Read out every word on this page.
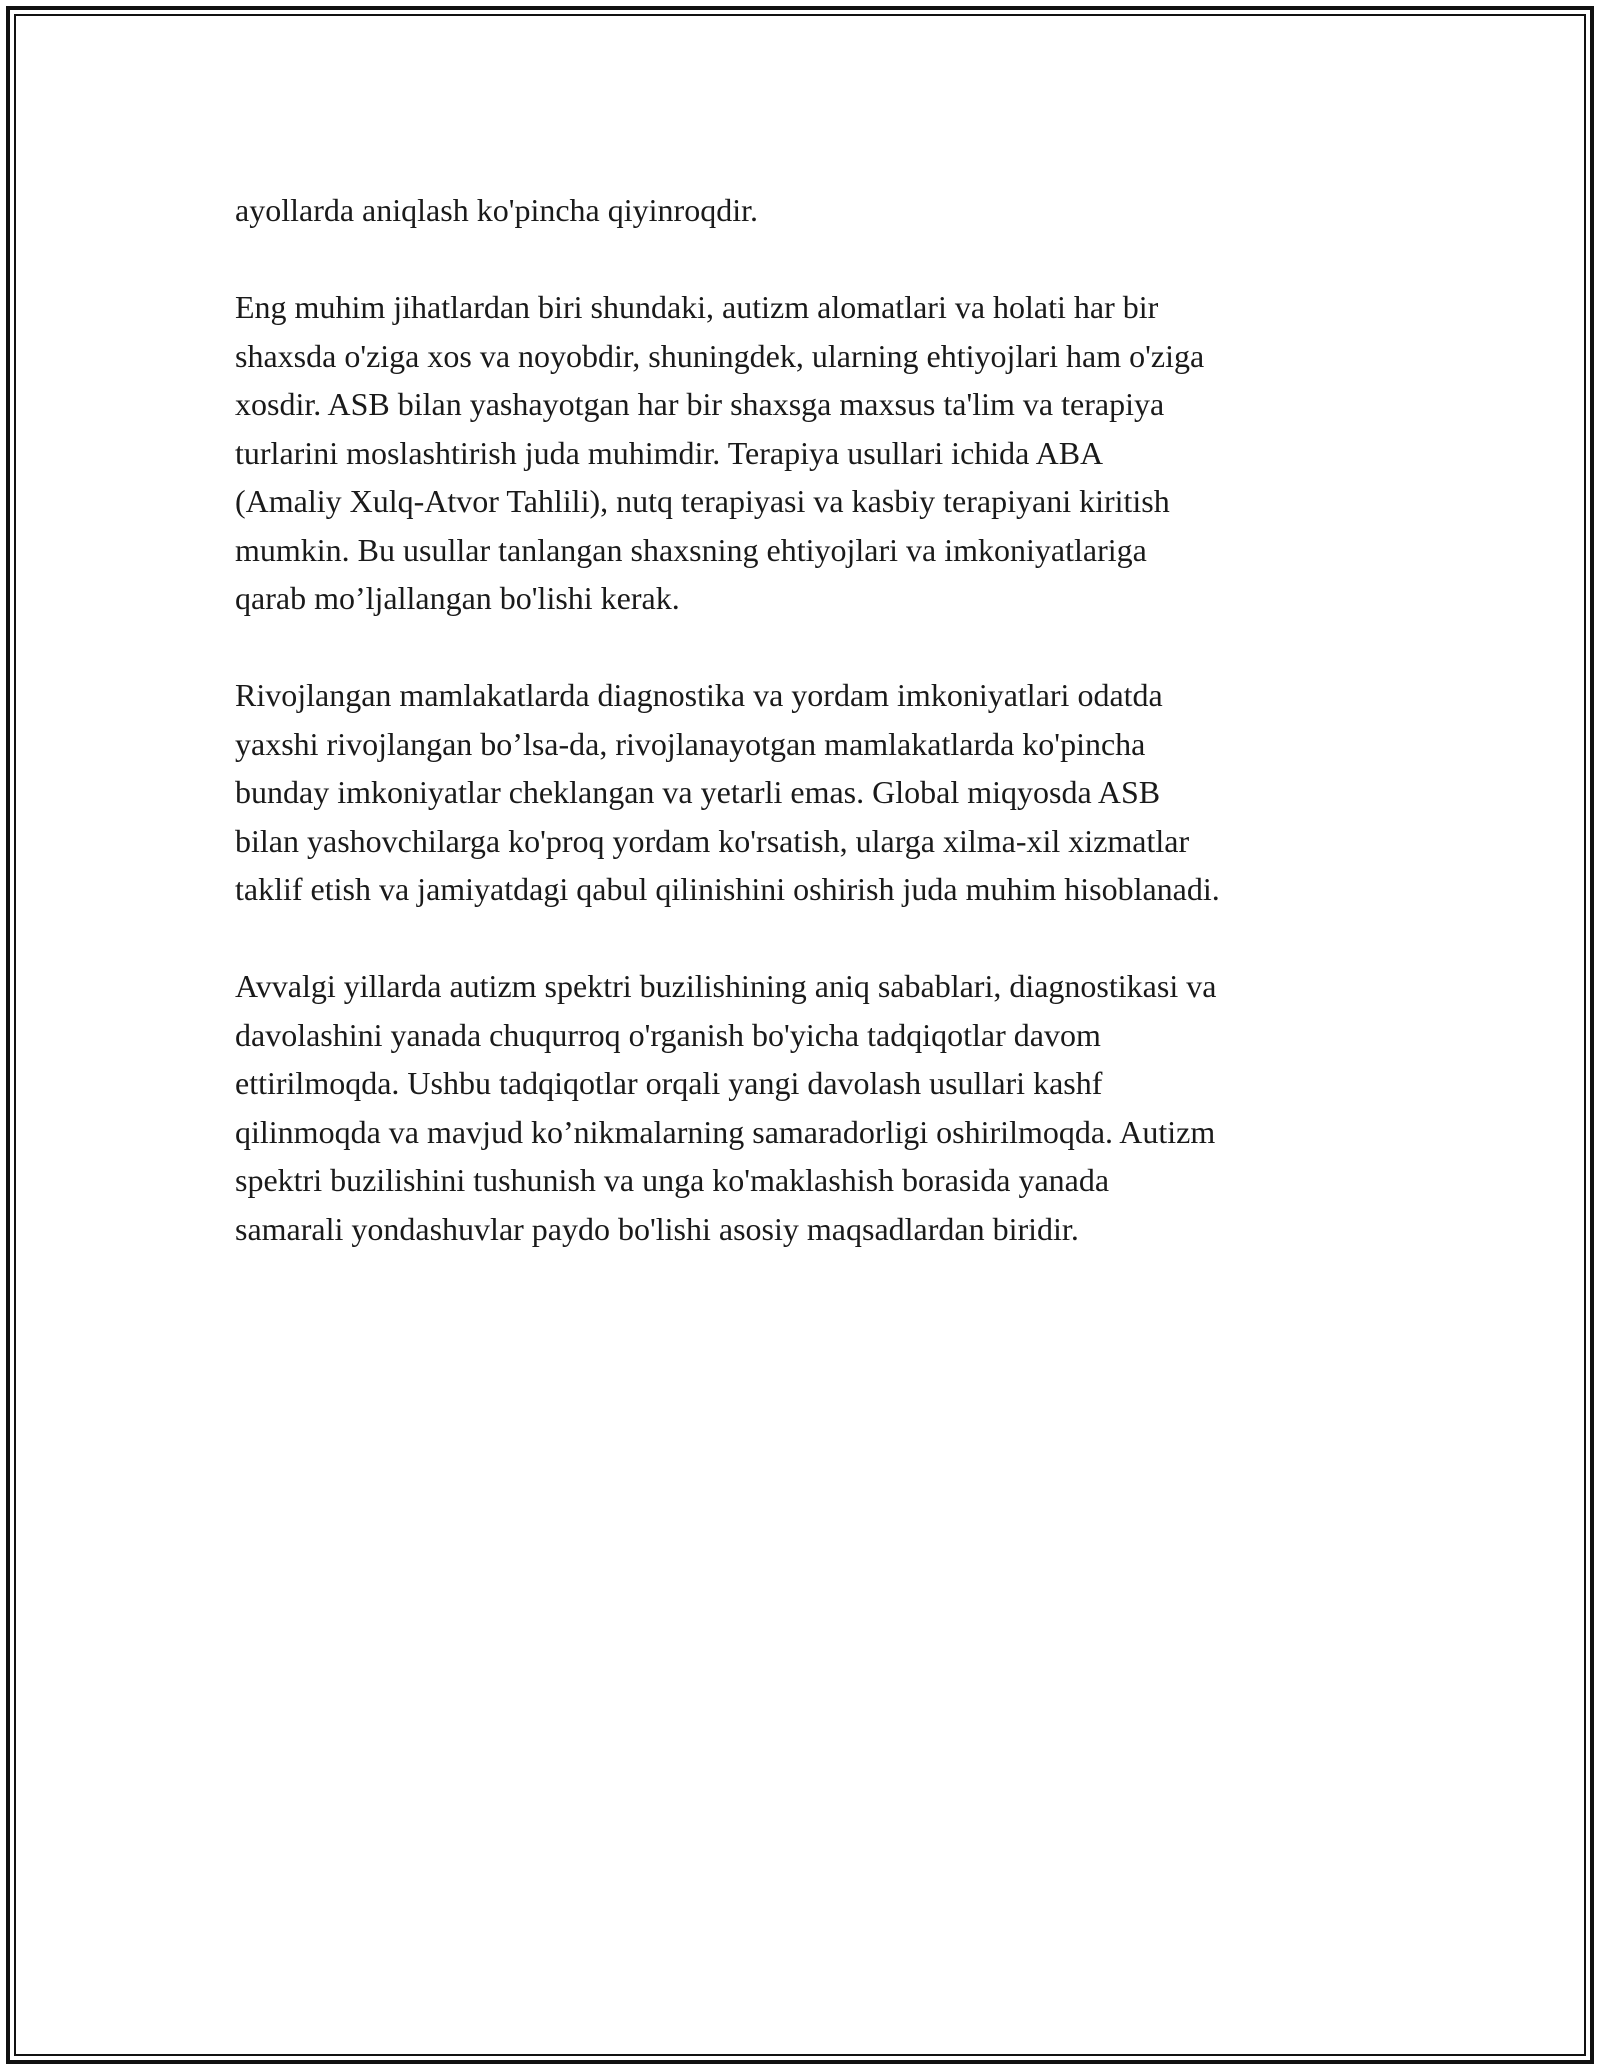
ayollarda aniqlash ko'pincha qiyinroqdir.

Eng muhim jihatlardan biri shundaki, autizm alomatlari va holati har bir
shaxsda o'ziga xos va noyobdir, shuningdek, ularning ehtiyojlari ham o'ziga
xosdir. ASB bilan yashayotgan har bir shaxsga maxsus ta'lim va terapiya
turlarini moslashtirish juda muhimdir. Terapiya usullari ichida ABA
(Amaliy Xulq-Atvor Tahlili), nutq terapiyasi va kasbiy terapiyani kiritish
mumkin. Bu usullar tanlangan shaxsning ehtiyojlari va imkoniyatlariga
qarab mo’ljallangan bo'lishi kerak.

Rivojlangan mamlakatlarda diagnostika va yordam imkoniyatlari odatda
yaxshi rivojlangan bo’lsa-da, rivojlanayotgan mamlakatlarda ko'pincha
bunday imkoniyatlar cheklangan va yetarli emas. Global miqyosda ASB
bilan yashovchilarga ko'proq yordam ko'rsatish, ularga xilma-xil xizmatlar
taklif etish va jamiyatdagi qabul qilinishini oshirish juda muhim hisoblanadi.

Avvalgi yillarda autizm spektri buzilishining aniq sabablari, diagnostikasi va
davolashini yanada chuqurroq o'rganish bo'yicha tadqiqotlar davom
ettirilmoqda. Ushbu tadqiqotlar orqali yangi davolash usullari kashf
qilinmoqda va mavjud ko’nikmalarning samaradorligi oshirilmoqda. Autizm
spektri buzilishini tushunish va unga ko'maklashish borasida yanada
samarali yondashuvlar paydo bo'lishi asosiy maqsadlardan biridir.
